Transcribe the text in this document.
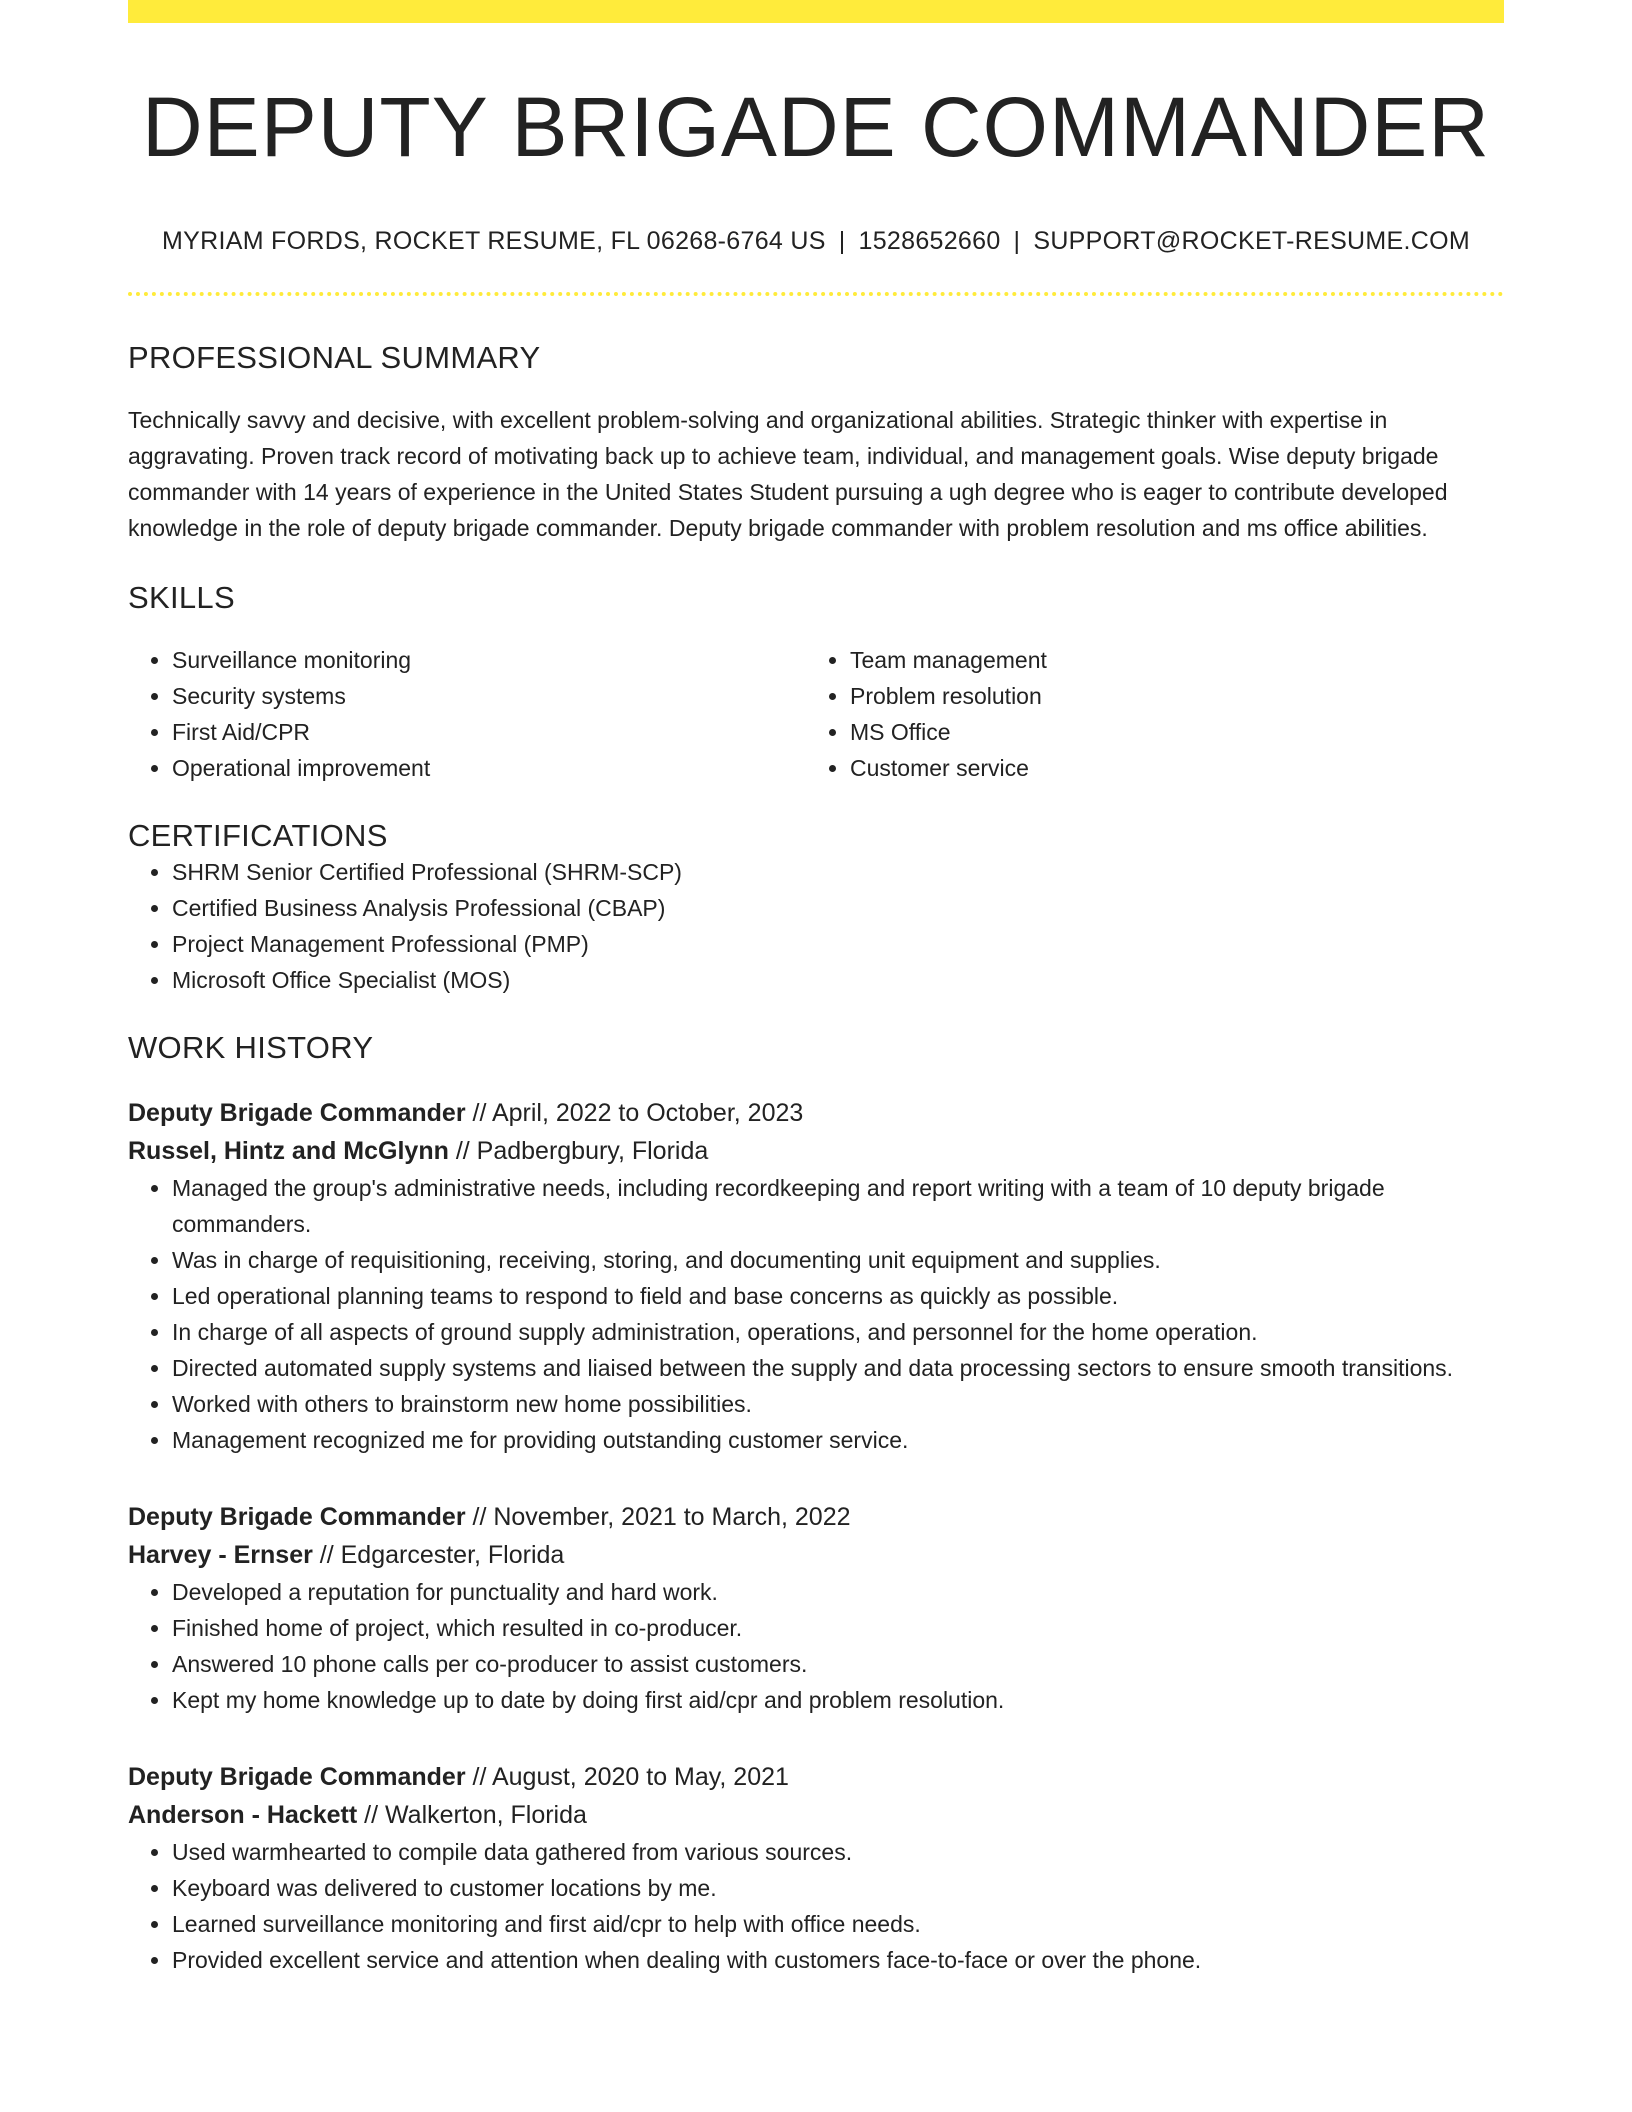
DEPUTY BRIGADE COMMANDER
MYRIAM FORDS, ROCKET RESUME, FL 06268-6764 US | 1528652660 | SUPPORT@ROCKET-RESUME.COM
PROFESSIONAL SUMMARY

Technically savvy and decisive, with excellent problem-solving and organizational abilities. Strategic thinker with expertise in aggravating. Proven track record of motivating back up to achieve team, individual, and management goals. Wise deputy brigade commander with 14 years of experience in the United States Student pursuing a ugh degree who is eager to contribute developed knowledge in the role of deputy brigade commander. Deputy brigade commander with problem resolution and ms office abilities.

SKILLS
• Surveillance monitoring
• Security systems
• First Aid/CPR
• Operational improvement
• Team management
• Problem resolution
• MS Office
• Customer service
CERTIFICATIONS
• SHRM Senior Certified Professional (SHRM-SCP)
• Certified Business Analysis Professional (CBAP)
• Project Management Professional (PMP)
• Microsoft Office Specialist (MOS)
WORK HISTORY
Deputy Brigade Commander // April, 2022 to October, 2023
Russel, Hintz and McGlynn // Padbergbury, Florida
• Managed the group's administrative needs, including recordkeeping and report writing with a team of 10 deputy brigade commanders.
• Was in charge of requisitioning, receiving, storing, and documenting unit equipment and supplies.
• Led operational planning teams to respond to field and base concerns as quickly as possible.
• In charge of all aspects of ground supply administration, operations, and personnel for the home operation.
• Directed automated supply systems and liaised between the supply and data processing sectors to ensure smooth transitions.
• Worked with others to brainstorm new home possibilities.
• Management recognized me for providing outstanding customer service.
Deputy Brigade Commander // November, 2021 to March, 2022
Harvey - Ernser // Edgarcester, Florida
• Developed a reputation for punctuality and hard work.
• Finished home of project, which resulted in co-producer.
• Answered 10 phone calls per co-producer to assist customers.
• Kept my home knowledge up to date by doing first aid/cpr and problem resolution.
Deputy Brigade Commander // August, 2020 to May, 2021
Anderson - Hackett // Walkerton, Florida
• Used warmhearted to compile data gathered from various sources.
• Keyboard was delivered to customer locations by me.
• Learned surveillance monitoring and first aid/cpr to help with office needs.
• Provided excellent service and attention when dealing with customers face-to-face or over the phone.
